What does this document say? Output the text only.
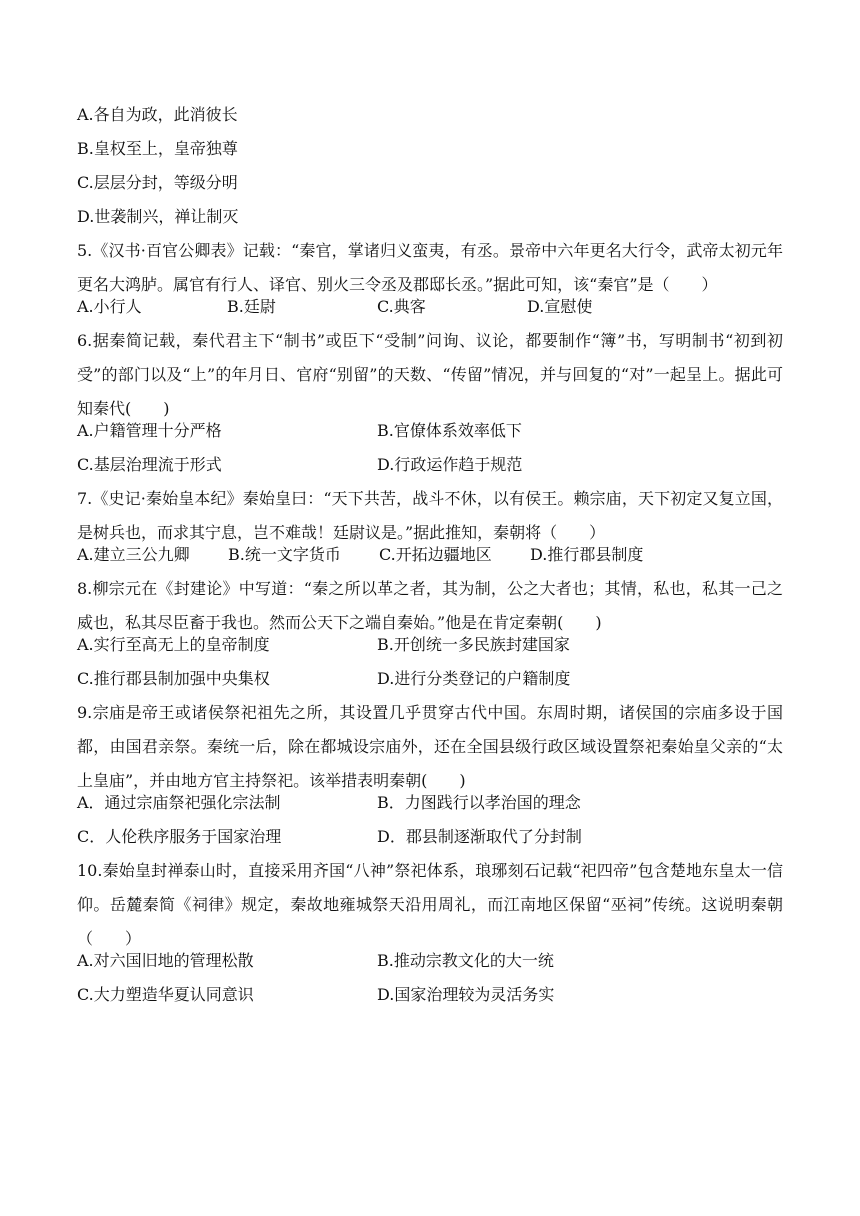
A.各自为政，此消彼长
B.皇权至上，皇帝独尊
C.层层分封，等级分明
D.世袭制兴，禅让制灭
5.《汉书·百官公卿表》记载：“秦官，掌诸归义蛮夷，有丞。景帝中六年更名大行令，武帝太初元年更名大鸿胪。属官有行人、译官、别火三令丞及郡邸长丞。”据此可知，该“秦官”是（　　）
A.小行人	B.廷尉	C.典客	D.宣慰使
6.据秦简记载，秦代君主下“制书”或臣下“受制”问询、议论，都要制作“簿”书，写明制书“初到初受”的部门以及“上”的年月日、官府“别留”的天数、“传留”情况，并与回复的“对”一起呈上。据此可知秦代(　　)
A.户籍管理十分严格	B.官僚体系效率低下
C.基层治理流于形式	D.行政运作趋于规范
7.《史记·秦始皇本纪》秦始皇曰：“天下共苦，战斗不休，以有侯王。赖宗庙，天下初定又复立国，是树兵也，而求其宁息，岂不难哉！廷尉议是。”据此推知，秦朝将（　　）
A.建立三公九卿	B.统一文字货币	C.开拓边疆地区	D.推行郡县制度
8.柳宗元在《封建论》中写道：“秦之所以革之者，其为制，公之大者也；其情，私也，私其一己之威也，私其尽臣畜于我也。然而公天下之端自秦始。”他是在肯定秦朝(　　)
A.实行至高无上的皇帝制度	B.开创统一多民族封建国家
C.推行郡县制加强中央集权	D.进行分类登记的户籍制度
9.宗庙是帝王或诸侯祭祀祖先之所，其设置几乎贯穿古代中国。东周时期，诸侯国的宗庙多设于国都，由国君亲祭。秦统一后，除在都城设宗庙外，还在全国县级行政区域设置祭祀秦始皇父亲的“太上皇庙”，并由地方官主持祭祀。该举措表明秦朝(　　)
A．通过宗庙祭祀强化宗法制	B．力图践行以孝治国的理念
C．人伦秩序服务于国家治理	D．郡县制逐渐取代了分封制
10.秦始皇封禅泰山时，直接采用齐国“八神”祭祀体系，琅琊刻石记载“祀四帝”包含楚地东皇太一信仰。岳麓秦简《祠律》规定，秦故地雍城祭天沿用周礼，而江南地区保留“巫祠”传统。这说明秦朝（　　）
A.对六国旧地的管理松散	B.推动宗教文化的大一统
C.大力塑造华夏认同意识	D.国家治理较为灵活务实
